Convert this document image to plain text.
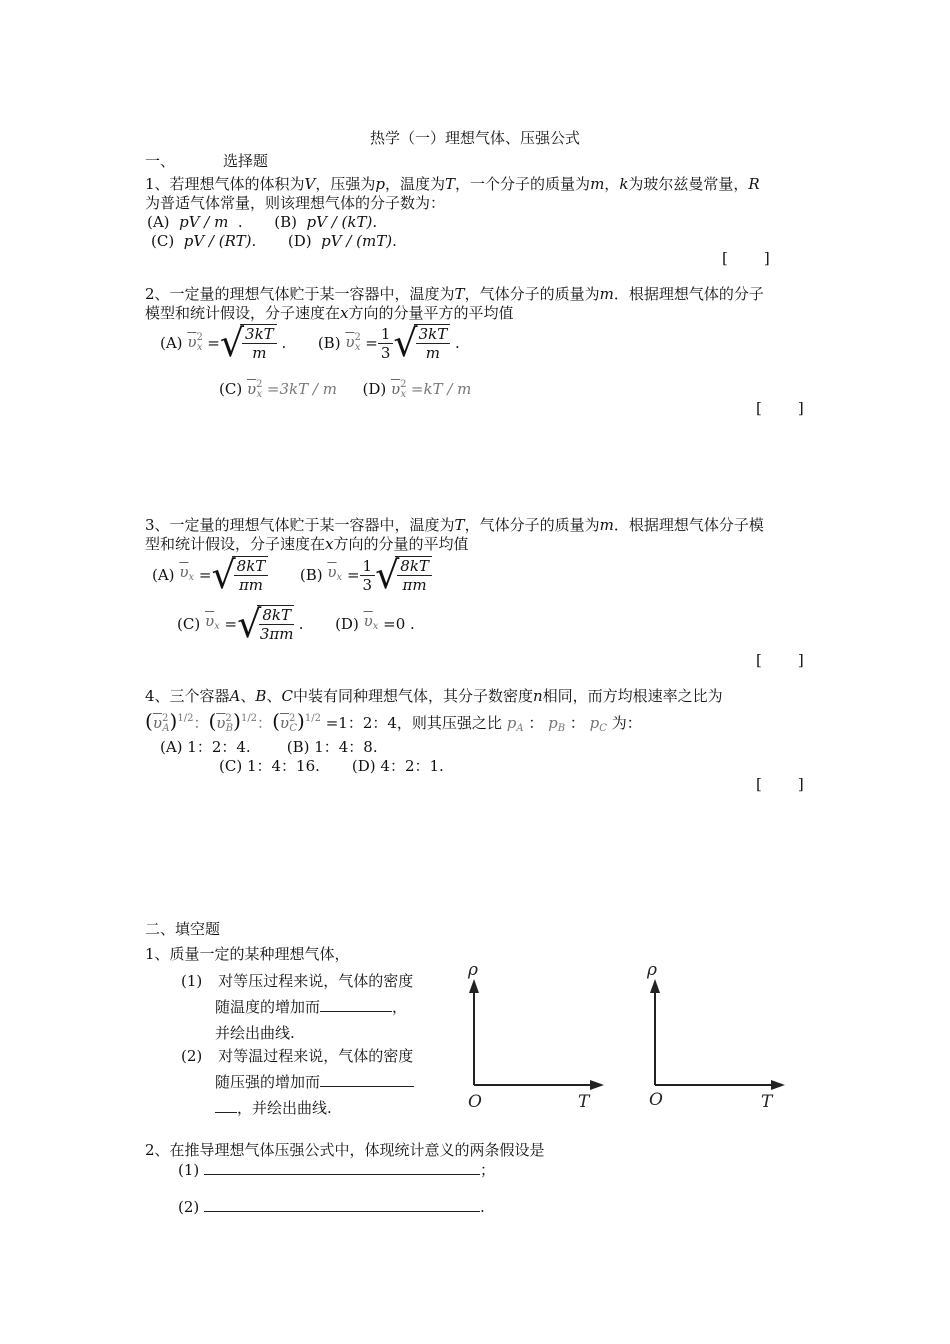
热学（一）理想气体、压强公式
一、	选择题
1、若理想气体的体积为V，压强为p，温度为T，一个分子的质量为m，k为玻尔兹曼常量，R
为普适气体常量，则该理想气体的分子数为：
(A) pV / m . (B) pV / (kT).
(C) pV / (RT). (D) pV / (mT).
[　　]
2、一定量的理想气体贮于某一容器中，温度为T，气体分子的质量为m．根据理想气体的分子
模型和统计假设，分子速度在x方向的分量平方的平均值
(A) $\overline{\upsilon}^2_x$ =√
$\frac{3kT}{m}$ . (B) $\overline{\upsilon}^2_x = \frac{1}{3}$ √
$\frac{3kT}{m}$ .
(C) $\overline{\upsilon}^2_x =3kT / m$ (D) $\overline{\upsilon}^2_x =kT / m$
[　　]
3、一定量的理想气体贮于某一容器中，温度为T，气体分子的质量为m．根据理想气体分子模
型和统计假设，分子速度在x方向的分量的平均值
(A) $\overline{\upsilon}_x$ =√
$\frac{8kT}{\pi m} (B) \overline{\upsilon}_x = \frac{1}{3}$ √
$\frac{8kT}{\pi m}$
(C) $\overline{\upsilon}_x$ =√
$\frac{8kT}{3\pi m}$ . (D) $\overline{\upsilon}_x =0$ .
[　　]
4、三个容器A、B、C中装有同种理想气体，其分子数密度n相同，而方均根速率之比为
$(\overline{\upsilon}^2_A)^{1/2}$：$(\overline{\upsilon}^2_B)^{1/2}$：$(\overline{\upsilon}^2_C)^{1/2} =1$：2：4，则其压强之比 $p_A$ ： $p_B$ ： $p_C$ 为：
(A) 1：2：4. (B) 1：4：8.
(C) 1：4：16. (D) 4：2：1.
[　　]
二、填空题
1、质量一定的某种理想气体，
(1) 对等压过程来说，气体的密度
随温度的增加而	，
并绘出曲线.
(2) 对等温过程来说，气体的密度
随压强的增加而
，并绘出曲线.
ρ
O	T
ρ
O	T
2、在推导理想气体压强公式中，体现统计意义的两条假设是
(1)	；
(2)	.
